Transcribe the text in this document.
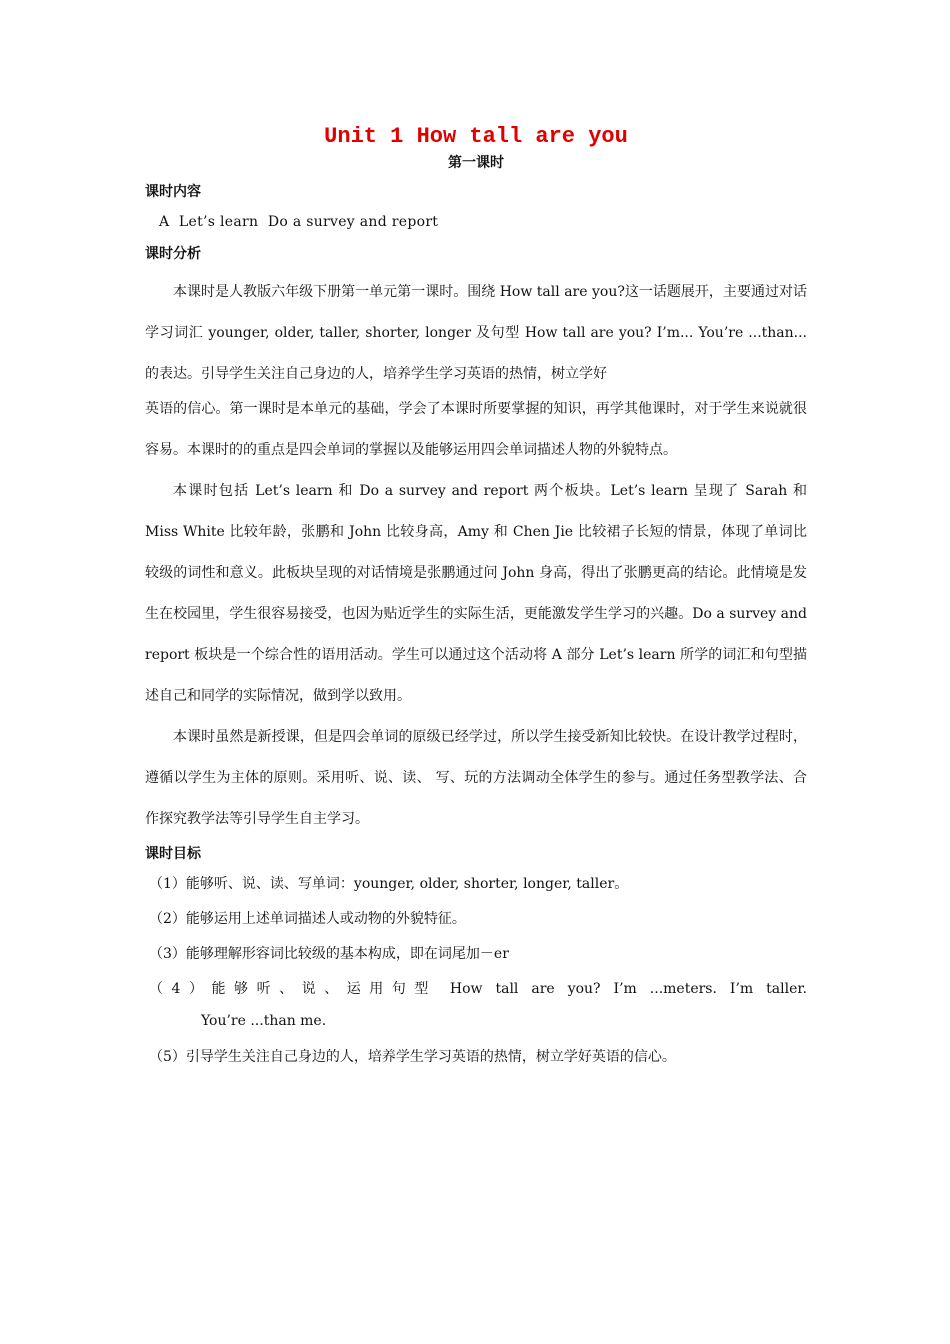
Unit 1 How tall are you
第一课时
课时内容
A  Let’s learn  Do a survey and report
课时分析

本课时是人教版六年级下册第一单元第一课时。围绕 How tall are you?这一话题展开，主要通过对话学习词汇 younger, older, taller, shorter, longer 及句型 How tall are you? I’m... You’re ...than...的表达。引导学生关注自己身边的人，培养学生学习英语的热情，树立学好

英语的信心。第一课时是本单元的基础，学会了本课时所要掌握的知识，再学其他课时，对于学生来说就很容易。本课时的的重点是四会单词的掌握以及能够运用四会单词描述人物的外貌特点。

本课时包括 Let’s learn 和 Do a survey and report 两个板块。Let’s learn 呈现了 Sarah 和 Miss White 比较年龄，张鹏和 John 比较身高，Amy 和 Chen Jie 比较裙子长短的情景，体现了单词比较级的词性和意义。此板块呈现的对话情境是张鹏通过问 John 身高，得出了张鹏更高的结论。此情境是发生在校园里，学生很容易接受，也因为贴近学生的实际生活，更能激发学生学习的兴趣。Do a survey and report 板块是一个综合性的语用活动。学生可以通过这个活动将 A 部分 Let’s learn 所学的词汇和句型描述自己和同学的实际情况，做到学以致用。

本课时虽然是新授课，但是四会单词的原级已经学过，所以学生接受新知比较快。在设计教学过程时，遵循以学生为主体的原则。采用听、说、读、 写、玩的方法调动全体学生的参与。通过任务型教学法、合作探究教学法等引导学生自主学习。

课时目标
（1）能够听、说、读、写单词：younger, older, shorter, longer, taller。
（2）能够运用上述单词描述人或动物的外貌特征。
（3）能够理解形容词比较级的基本构成，即在词尾加－er
（4）能够听、说、运用句型 How tall are you? I’m ...meters. I’m taller.
You’re ...than me.
（5）引导学生关注自己身边的人，培养学生学习英语的热情，树立学好英语的信心。
